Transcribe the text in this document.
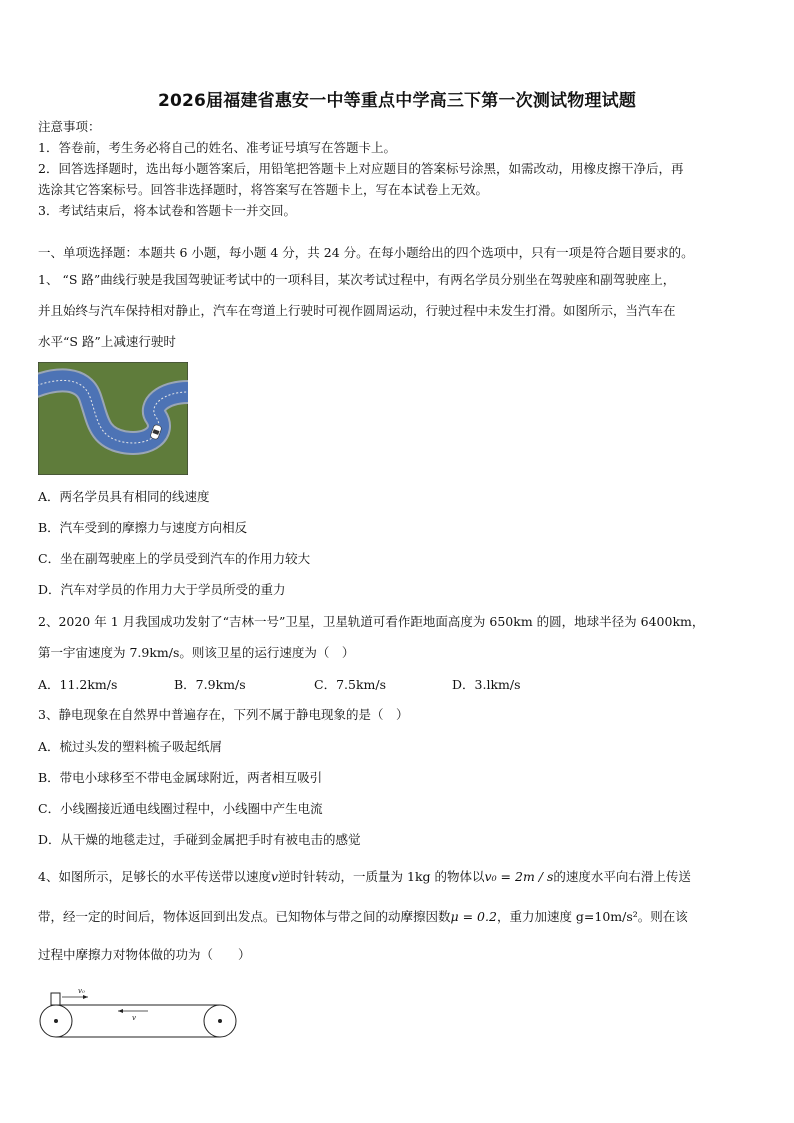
2026届福建省惠安一中等重点中学高三下第一次测试物理试题
注意事项：
1．答卷前，考生务必将自己的姓名、准考证号填写在答题卡上。
2．回答选择题时，选出每小题答案后，用铅笔把答题卡上对应题目的答案标号涂黑，如需改动，用橡皮擦干净后，再
选涂其它答案标号。回答非选择题时，将答案写在答题卡上，写在本试卷上无效。
3．考试结束后，将本试卷和答题卡一并交回。
一、单项选择题：本题共 6 小题，每小题 4 分，共 24 分。在每小题给出的四个选项中，只有一项是符合题目要求的。
1、 “S 路”曲线行驶是我国驾驶证考试中的一项科目，某次考试过程中，有两名学员分别坐在驾驶座和副驾驶座上，
并且始终与汽车保持相对静止，汽车在弯道上行驶时可视作圆周运动，行驶过程中未发生打滑。如图所示，当汽车在
水平“S 路”上减速行驶时
A．两名学员具有相同的线速度
B．汽车受到的摩擦力与速度方向相反
C．坐在副驾驶座上的学员受到汽车的作用力较大
D．汽车对学员的作用力大于学员所受的重力
2、2020 年 1 月我国成功发射了“吉林一号”卫星，卫星轨道可看作距地面高度为 650km 的圆，地球半径为 6400km，
第一宇宙速度为 7.9km/s。则该卫星的运行速度为（　）
A．11.2km/s	B．7.9km/s	C．7.5km/s	D．3.lkm/s
3、静电现象在自然界中普遍存在，下列不属于静电现象的是（　）
A．梳过头发的塑料梳子吸起纸屑
B．带电小球移至不带电金属球附近，两者相互吸引
C．小线圈接近通电线圈过程中，小线圈中产生电流
D．从干燥的地毯走过，手碰到金属把手时有被电击的感觉
4、如图所示，足够长的水平传送带以速度v逆时针转动，一质量为 1kg 的物体以v₀ = 2m / s的速度水平向右滑上传送
带，经一定的时间后，物体返回到出发点。已知物体与带之间的动摩擦因数μ = 0.2，重力加速度 g=10m/s²。则在该
过程中摩擦力对物体做的功为（　　）
v₀
v
